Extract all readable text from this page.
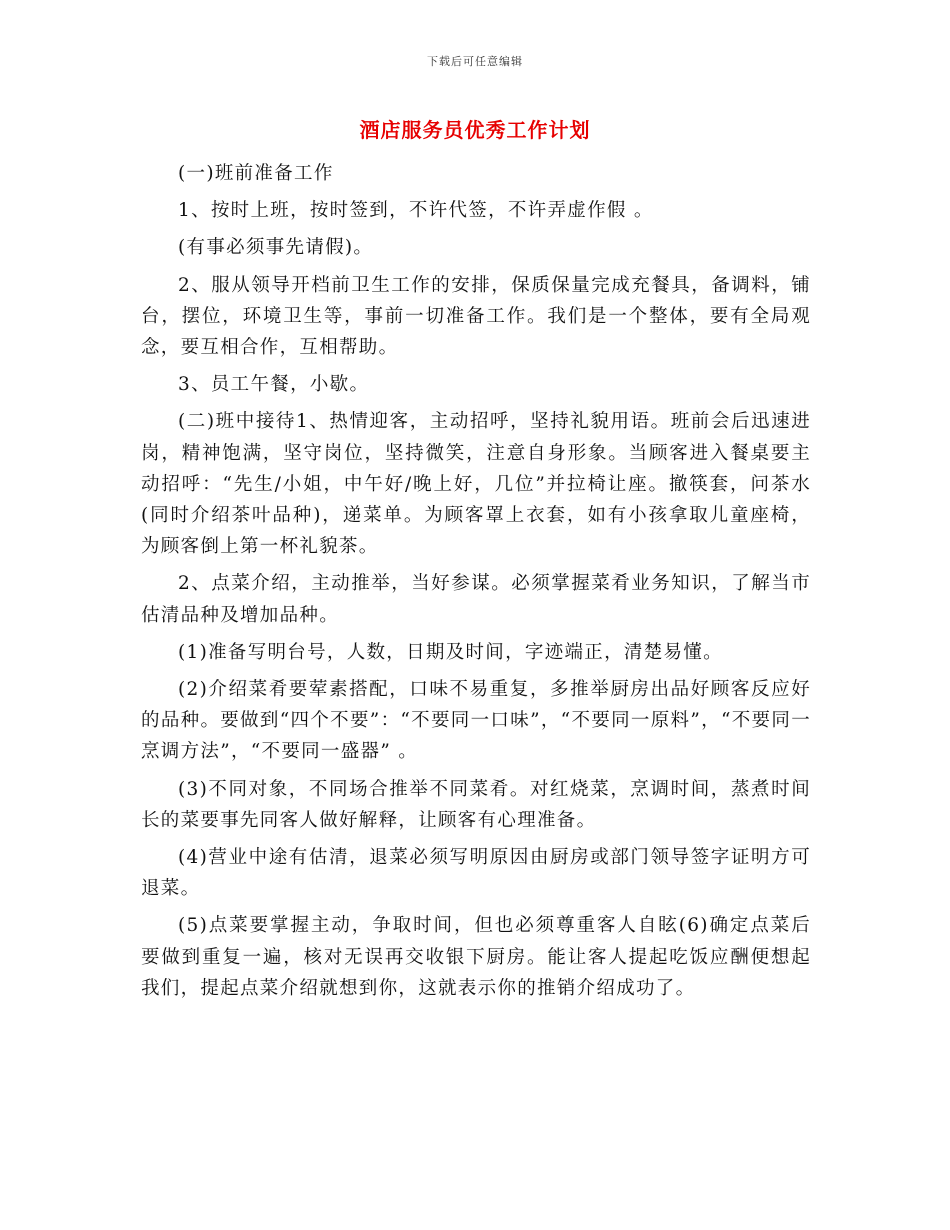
下载后可任意编辑
酒店服务员优秀工作计划

(一)班前准备工作

1、按时上班，按时签到，不许代签，不许弄虚作假 。

(有事必须事先请假)。

2、服从领导开档前卫生工作的安排，保质保量完成充餐具，备调料，铺台，摆位，环境卫生等，事前一切准备工作。我们是一个整体，要有全局观念，要互相合作，互相帮助。

3、员工午餐，小歇。

(二)班中接待1、热情迎客，主动招呼，坚持礼貌用语。班前会后迅速进岗，精神饱满，坚守岗位，坚持微笑，注意自身形象。当顾客进入餐桌要主动招呼：“先生/小姐，中午好/晚上好，几位”并拉椅让座。撤筷套，问茶水(同时介绍茶叶品种)，递菜单。为顾客罩上衣套，如有小孩拿取儿童座椅，为顾客倒上第一杯礼貌茶。

2、点菜介绍，主动推举，当好参谋。必须掌握菜肴业务知识，了解当市估清品种及增加品种。

(1)准备写明台号，人数，日期及时间，字迹端正，清楚易懂。

(2)介绍菜肴要荤素搭配，口味不易重复，多推举厨房出品好顾客反应好的品种。要做到“四个不要”：“不要同一口味”，“不要同一原料”，“不要同一烹调方法”，“不要同一盛器” 。

(3)不同对象，不同场合推举不同菜肴。对红烧菜，烹调时间，蒸煮时间长的菜要事先同客人做好解释，让顾客有心理准备。

(4)营业中途有估清，退菜必须写明原因由厨房或部门领导签字证明方可退菜。

(5)点菜要掌握主动，争取时间，但也必须尊重客人自眩(6)确定点菜后要做到重复一遍，核对无误再交收银下厨房。能让客人提起吃饭应酬便想起我们，提起点菜介绍就想到你，这就表示你的推销介绍成功了。
